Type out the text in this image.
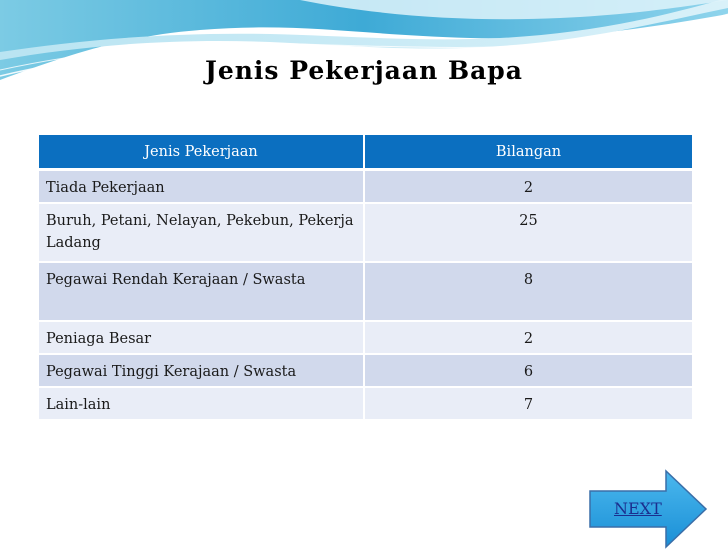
Jenis Pekerjaan Bapa
Jenis Pekerjaan	Bilangan
Tiada Pekerjaan	2
Buruh, Petani, Nelayan, Pekebun, Pekerja Ladang	25
Pegawai Rendah Kerajaan / Swasta	8
Peniaga Besar	2
Pegawai Tinggi Kerajaan / Swasta	6
Lain-lain	7
NEXT
